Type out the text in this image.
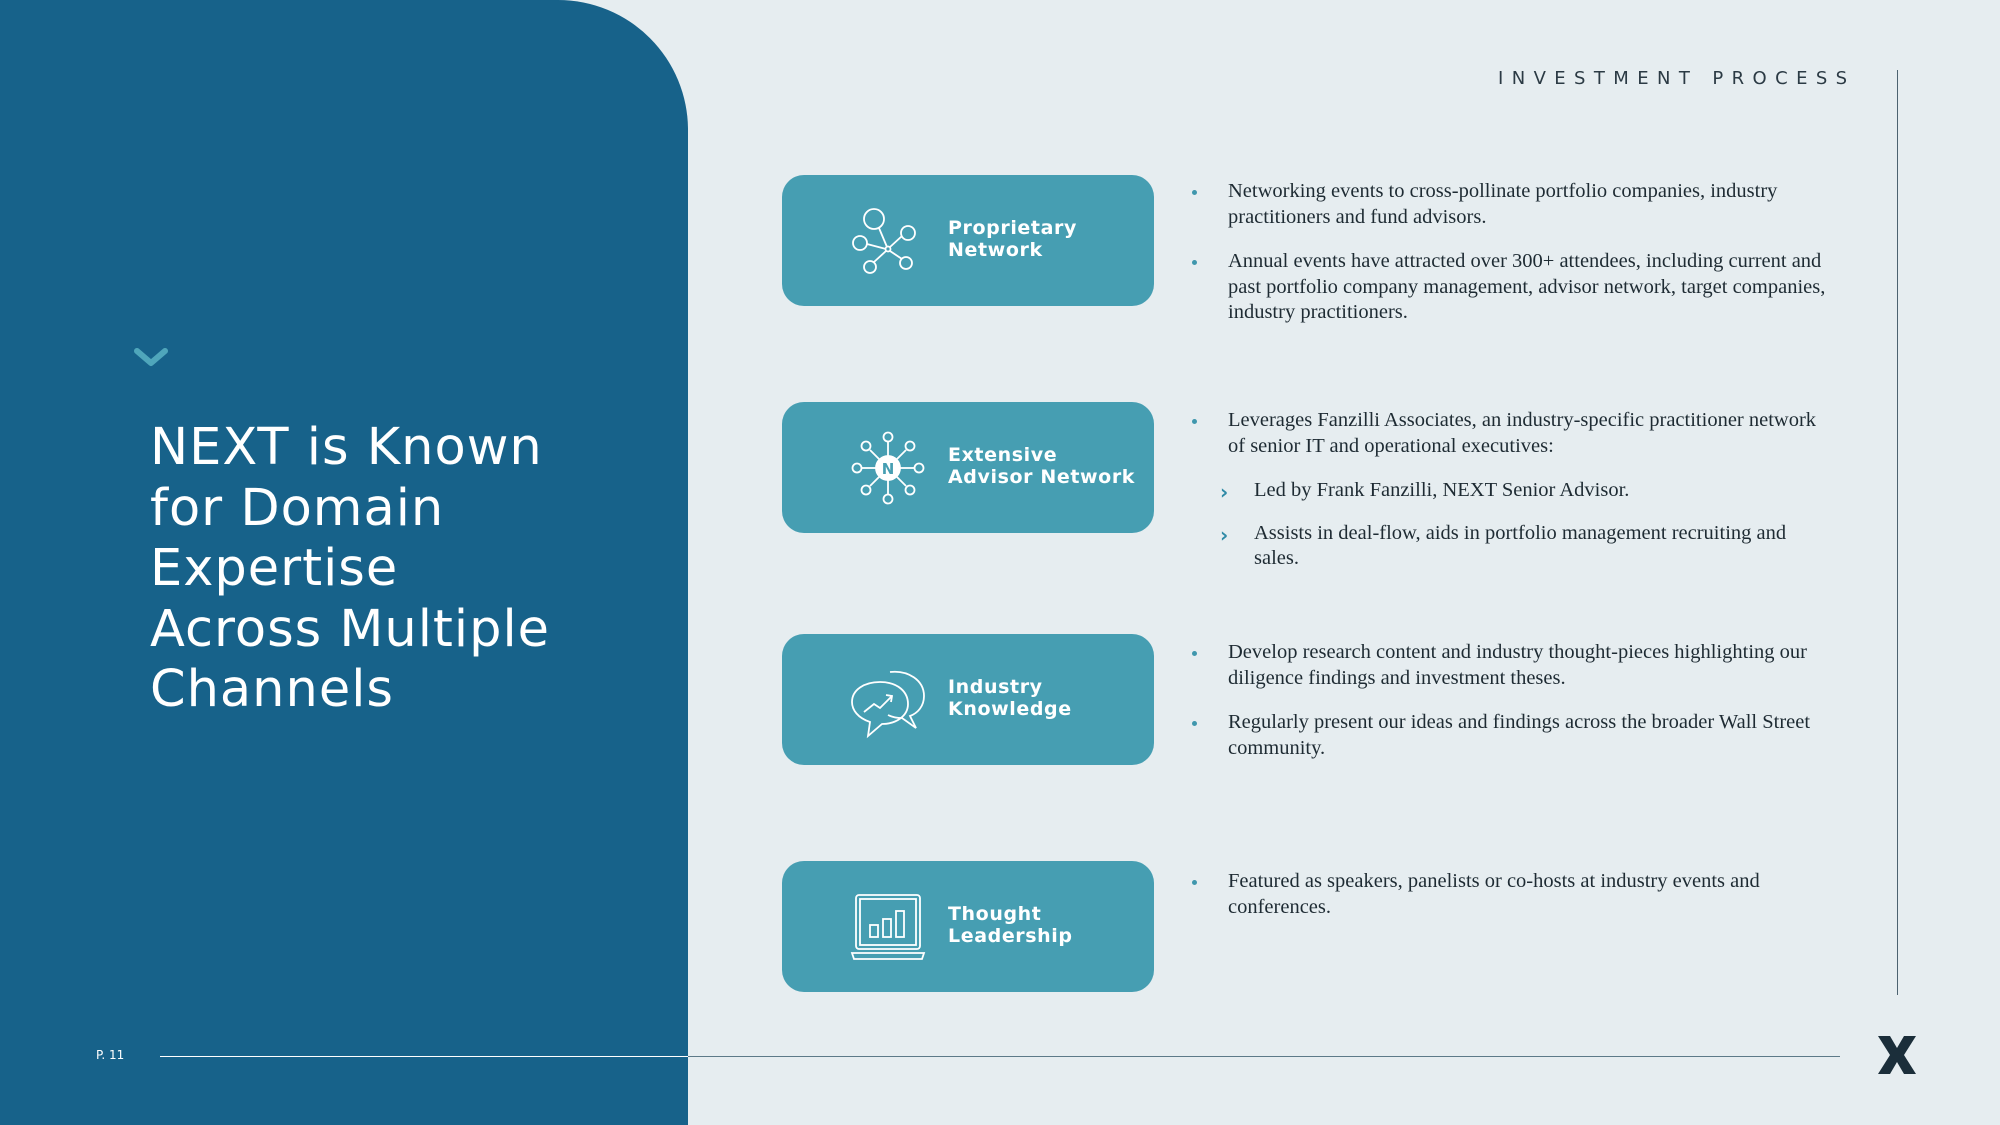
NEXT is Known
for Domain
Expertise
Across Multiple
Channels
P. 11
INVESTMENT PROCESS
Proprietary
Network
N
Extensive
Advisor Network
Industry
Knowledge
Thought
Leadership
Networking events to cross-pollinate portfolio companies, industry practitioners and fund advisors.
Annual events have attracted over 300+ attendees, including current and past portfolio company management, advisor network, target companies, industry practitioners.
Leverages Fanzilli Associates, an industry-specific practitioner network of senior IT and operational executives:
› Led by Frank Fanzilli, NEXT Senior Advisor.
› Assists in deal-flow, aids in portfolio management recruiting and sales.
Develop research content and industry thought-pieces highlighting our diligence findings and investment theses.
Regularly present our ideas and findings across the broader Wall Street community.
Featured as speakers, panelists or co-hosts at industry events and conferences.
